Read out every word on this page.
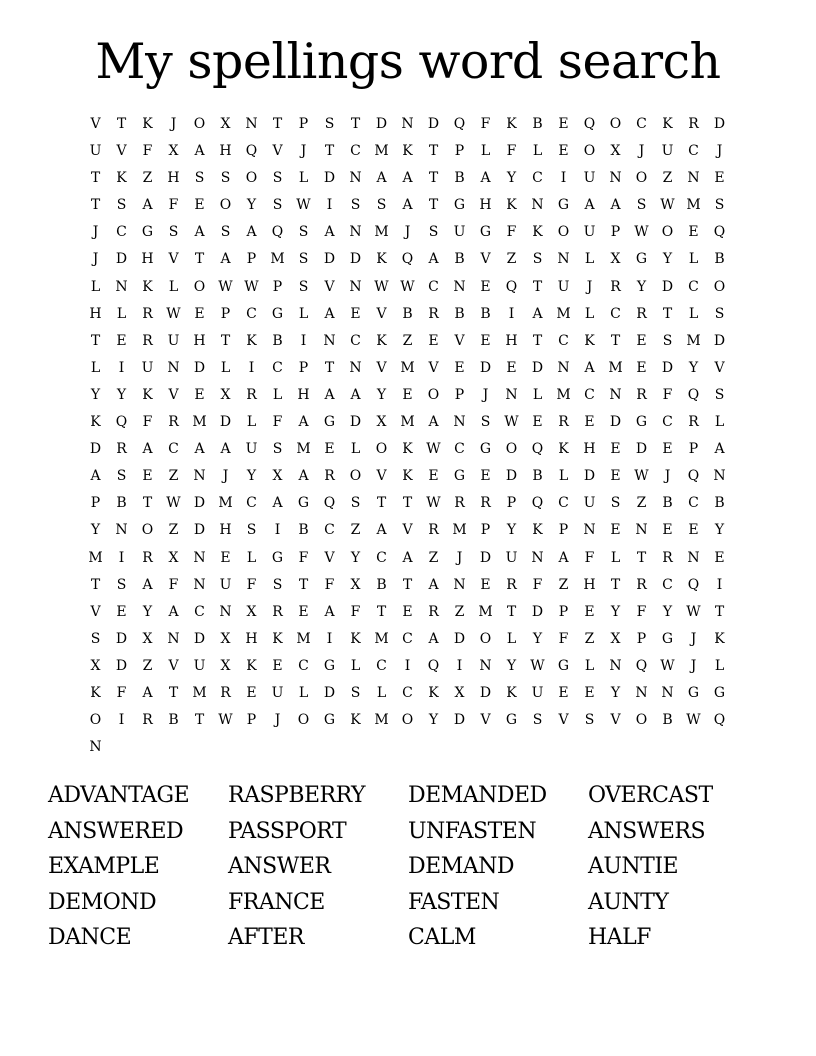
My spellings word search
V	T	K	J	O	X N	T	P	S	T	D N D Q	F	K	B	E	Q O C	K	R	D
U	V	F	X	A H Q	V	J	T	C M K	T	P	L	F	L	E	O	X	J	U C	J
T	K	Z	H	S	S	O	S	L	D N A	A	T	B	A	Y	C	I	U N O	Z	N E
T	S	A	F	E	O	Y	S W	I	S	S	A	T	G H K N G	A	A	S W M S
J	C	G	S	A	S	A	Q	S	A N M	J	S	U G	F	K	O U	P W O	E	Q
J	D H V	T	A	P M S	D D	K	Q	A	B	V	Z	S	N	L	X	G	Y	L	B
L	N K	L	O W W P	S	V N W W C N E	Q	T	U	J	R	Y	D	C O
H	L	R W E	P	C	G	L	A	E	V	B	R	B	B	I	A M L	C	R	T	L	S
T	E	R U H	T	K	B	I	N C	K	Z	E	V	E H	T	C	K	T	E	S M D
L	I	U N D	L	I	C	P	T	N V M V	E	D	E	D N A M E	D	Y	V
Y	Y	K	V	E	X	R	L	H A	A	Y	E	O	P	J	N	L M C N R	F	Q	S
K	Q	F	R M D	L	F	A	G D	X M A N	S W E	R	E	D G	C	R	L
D	R	A	C	A	A	U	S M E	L	O	K W C	G O Q	K H E	D	E	P	A
A	S	E	Z	N	J	Y	X	A	R O	V	K	E	G	E	D	B	L	D	E W	J	Q N
P	B	T W D M C	A	G Q	S	T	T W R	R	P	Q C U	S	Z	B	C	B
Y	N O	Z	D H	S	I	B	C	Z	A	V	R M P	Y	K	P	N E N E	E	Y
M	I	R	X N E	L	G	F	V	Y	C	A	Z	J	D U N A	F	L	T	R N E
T	S	A	F	N U	F	S	T	F	X	B	T	A N E	R	F	Z	H	T	R	C Q	I
V	E	Y	A	C N X	R	E	A	F	T	E	R	Z M T	D	P	E	Y	F	Y W T
S	D	X N D	X H K M	I	K M C	A	D O	L	Y	F	Z	X	P	G	J	K
X	D	Z	V	U	X	K	E	C	G	L	C	I	Q	I	N	Y W G	L	N Q W	J	L
K	F	A	T M R	E U	L	D	S	L	C	K	X	D	K U E	E	Y	N N G G
O	I	R	B	T W P	J	O G	K M O	Y	D	V	G	S	V	S	V	O	B W Q
N
ADVANTAGE	RASPBERRY	DEMANDED	OVERCAST
ANSWERED	PASSPORT	UNFASTEN	ANSWERS
EXAMPLE	ANSWER	DEMAND	AUNTIE
DEMOND	FRANCE	FASTEN	AUNTY
DANCE	AFTER	CALM	HALF
